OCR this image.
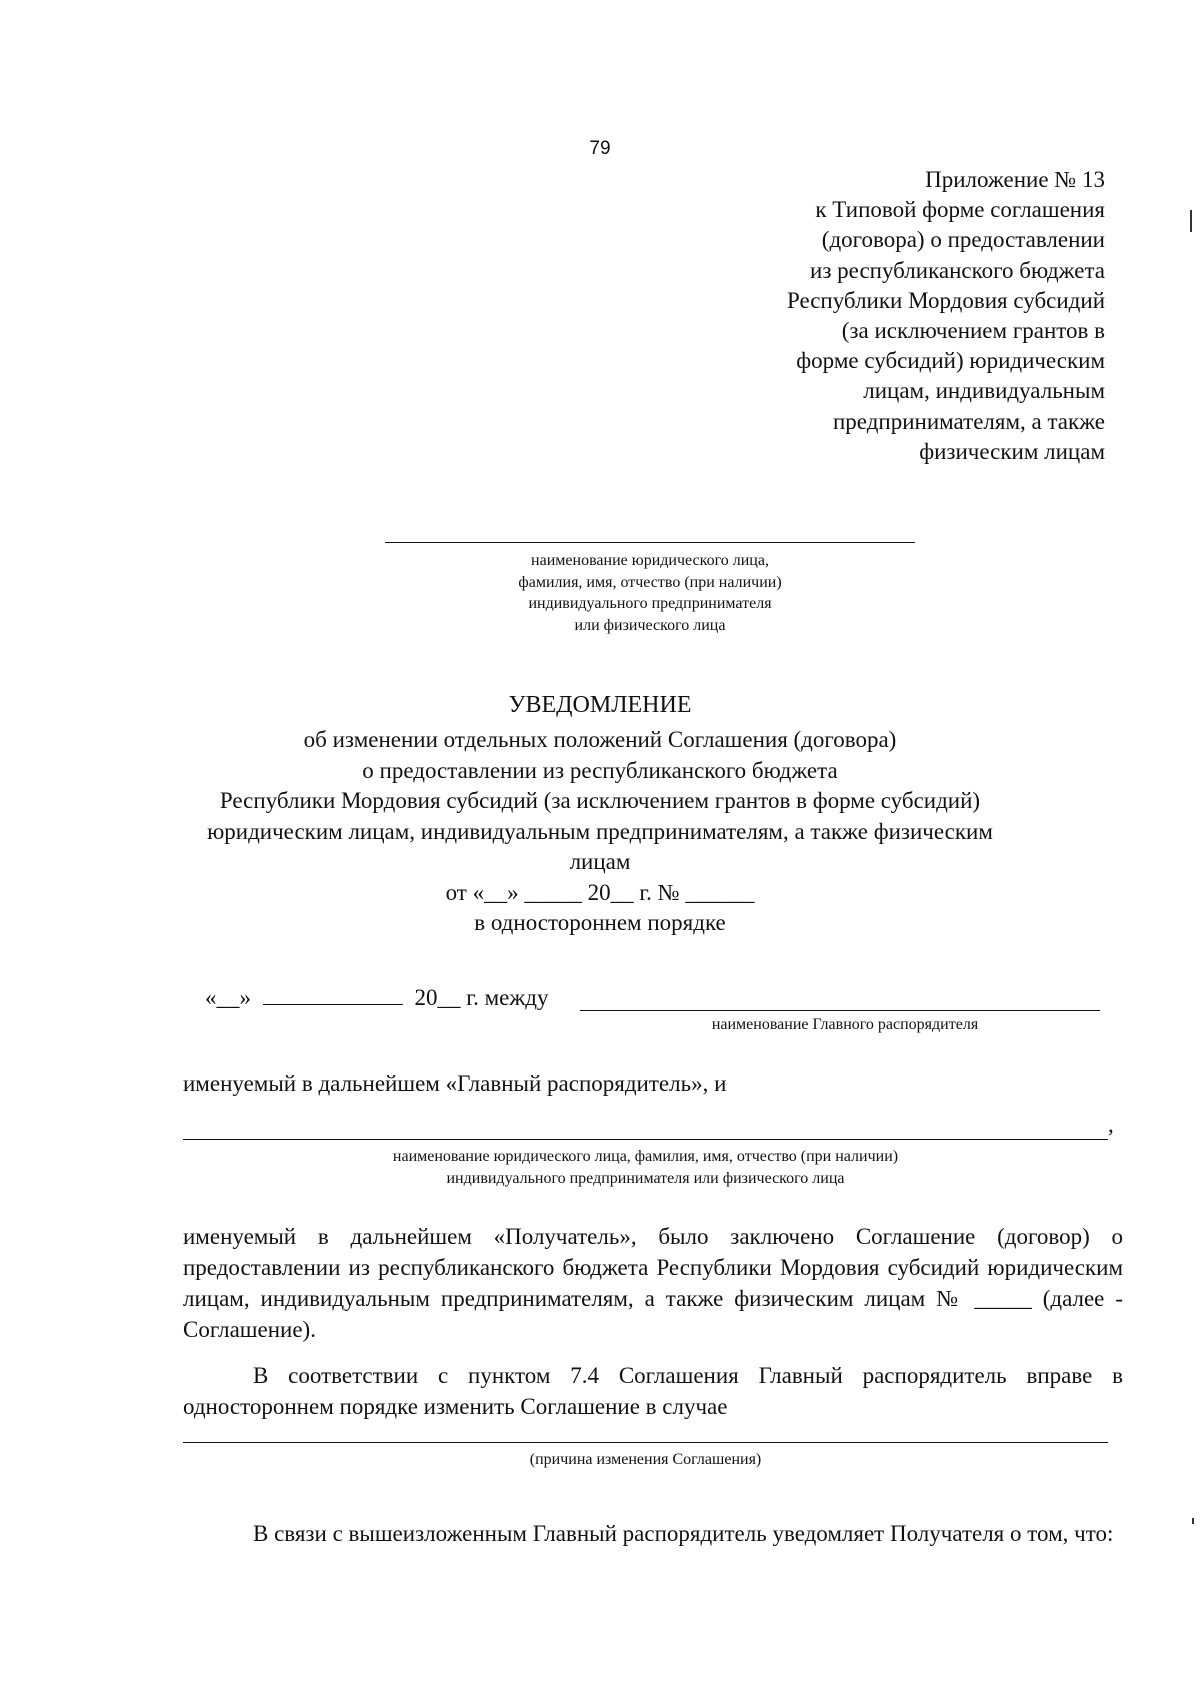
79
Приложение № 13
к Типовой форме соглашения
(договора) о предоставлении
из республиканского бюджета
Республики Мордовия субсидий
(за исключением грантов в
форме субсидий) юридическим
лицам, индивидуальным
предпринимателям, а также
физическим лицам
наименование юридического лица,
фамилия, имя, отчество (при наличии)
индивидуального предпринимателя
или физического лица
УВЕДОМЛЕНИЕ
об изменении отдельных положений Соглашения (договора)
о предоставлении из республиканского бюджета
Республики Мордовия субсидий (за исключением грантов в форме субсидий)
юридическим лицам, индивидуальным предпринимателям, а также физическим
лицам
от «__» _____ 20__ г. № ______
в одностороннем порядке
«__»	20__ г. между
наименование Главного распорядителя
именуемый в дальнейшем «Главный распорядитель», и
,
наименование юридического лица, фамилия, имя, отчество (при наличии)
индивидуального предпринимателя или физического лица
именуемый в дальнейшем «Получатель», было заключено Соглашение (договор) о предоставлении из республиканского бюджета Республики Мордовия субсидий юридическим лицам, индивидуальным предпринимателям, а также физическим лицам № _____ (далее - Соглашение).
В соответствии с пунктом 7.4 Соглашения Главный распорядитель вправе в одностороннем порядке изменить Соглашение в случае
(причина изменения Соглашения)
В связи с вышеизложенным Главный распорядитель уведомляет Получателя о том, что:
